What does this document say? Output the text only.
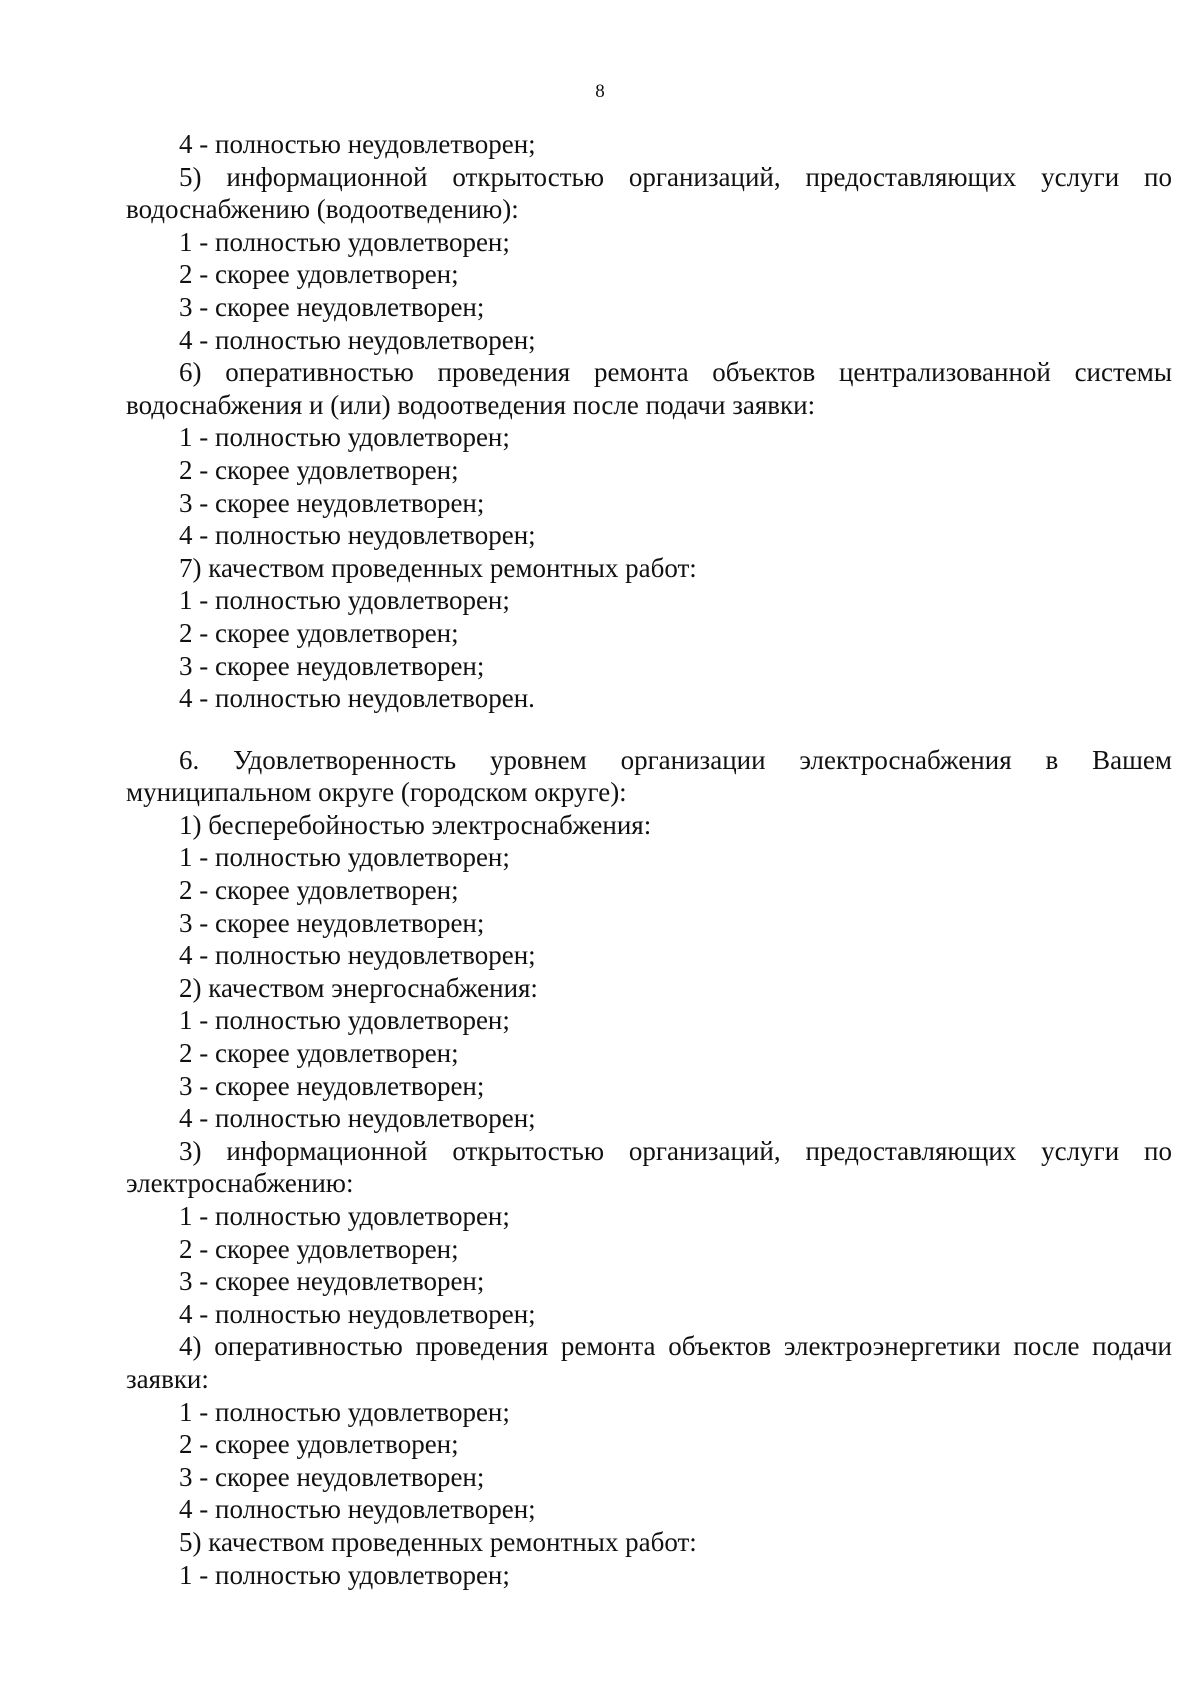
8
4 - полностью неудовлетворен;

5) информационной открытостью организаций, предоставляющих услуги по водоснабжению (водоотведению):

1 - полностью удовлетворен;
2 - скорее удовлетворен;
3 - скорее неудовлетворен;
4 - полностью неудовлетворен;

6) оперативностью проведения ремонта объектов централизованной системы водоснабжения и (или) водоотведения после подачи заявки:

1 - полностью удовлетворен;
2 - скорее удовлетворен;
3 - скорее неудовлетворен;
4 - полностью неудовлетворен;
7) качеством проведенных ремонтных работ:
1 - полностью удовлетворен;
2 - скорее удовлетворен;
3 - скорее неудовлетворен;
4 - полностью неудовлетворен.

6. Удовлетворенность уровнем организации электроснабжения в Вашем муниципальном округе (городском округе):

1) бесперебойностью электроснабжения:
1 - полностью удовлетворен;
2 - скорее удовлетворен;
3 - скорее неудовлетворен;
4 - полностью неудовлетворен;
2) качеством энергоснабжения:
1 - полностью удовлетворен;
2 - скорее удовлетворен;
3 - скорее неудовлетворен;
4 - полностью неудовлетворен;

3) информационной открытостью организаций, предоставляющих услуги по электроснабжению:

1 - полностью удовлетворен;
2 - скорее удовлетворен;
3 - скорее неудовлетворен;
4 - полностью неудовлетворен;

4) оперативностью проведения ремонта объектов электроэнергетики после подачи заявки:

1 - полностью удовлетворен;
2 - скорее удовлетворен;
3 - скорее неудовлетворен;
4 - полностью неудовлетворен;
5) качеством проведенных ремонтных работ:
1 - полностью удовлетворен;
